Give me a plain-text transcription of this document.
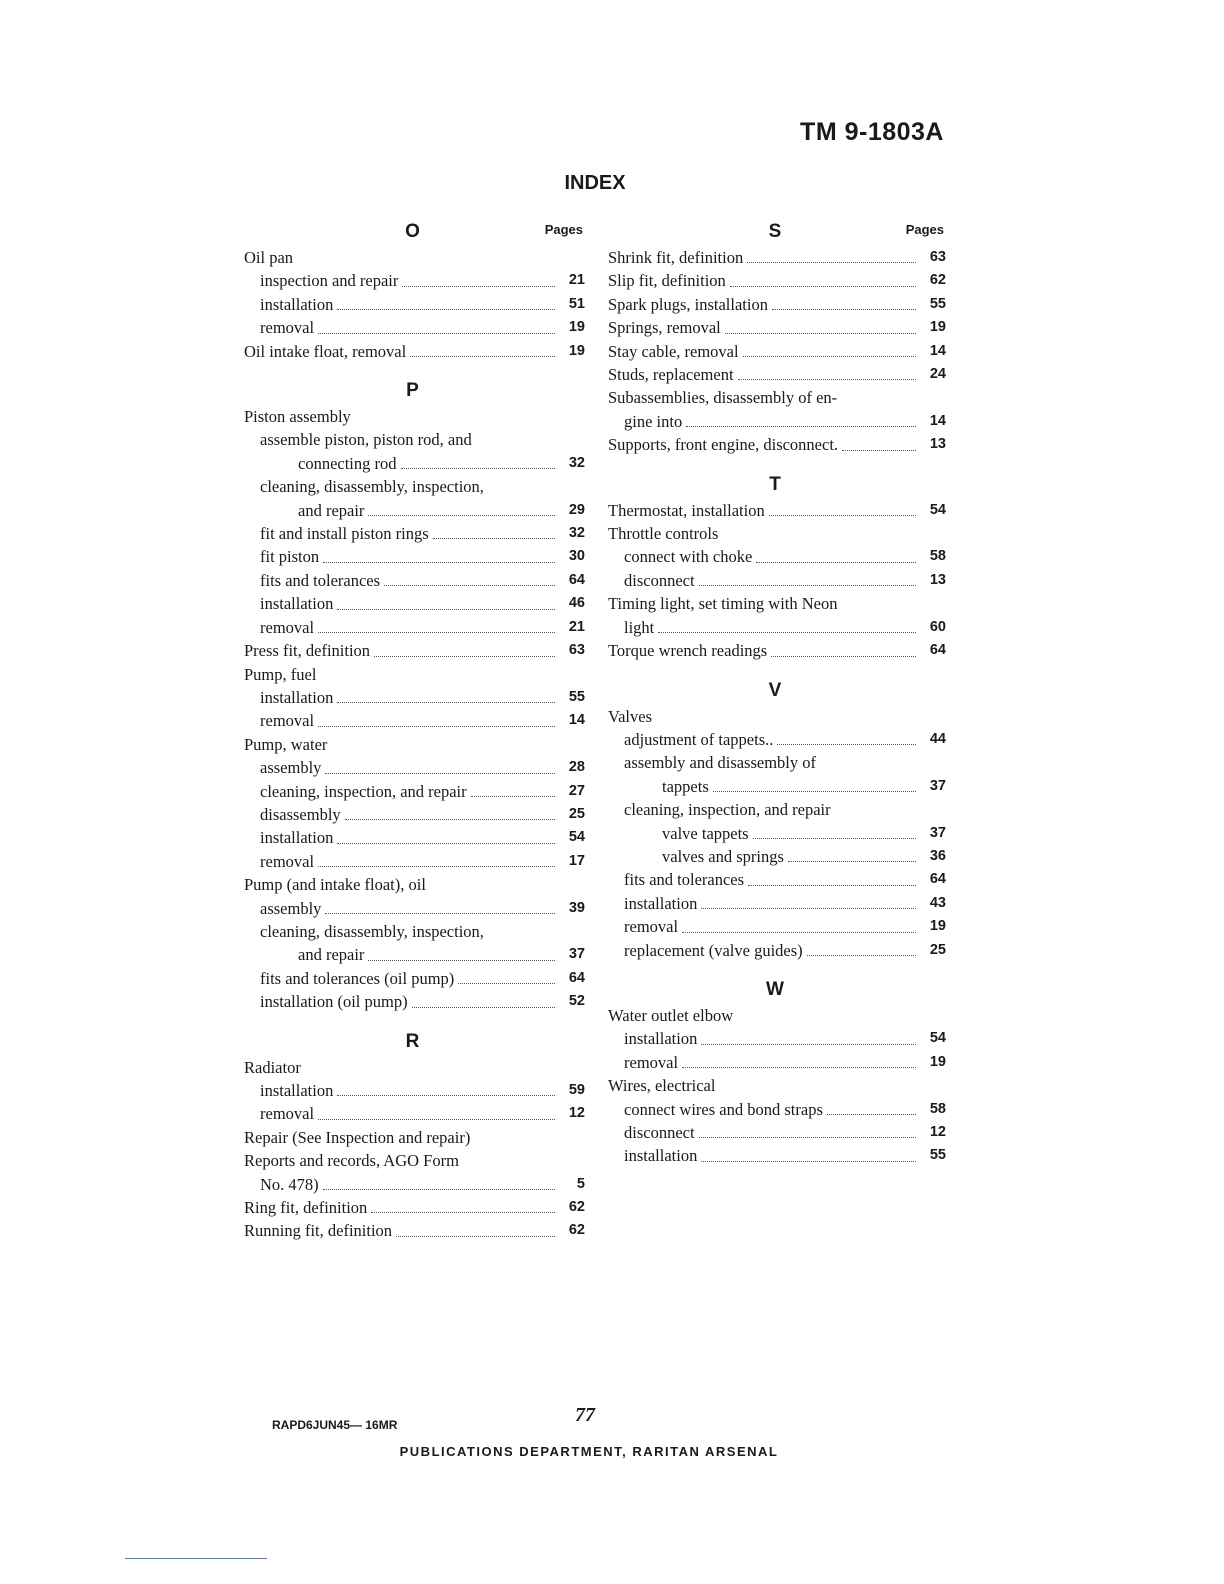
TM 9-1803A
INDEX
O	Pages
Oil pan
inspection and repair	21
installation	51
removal	19
Oil intake float, removal	19
P
Piston assembly
assemble piston, piston rod, and
connecting rod	32
cleaning, disassembly, inspection,
and repair	29
fit and install piston rings	32
fit piston	30
fits and tolerances	64
installation	46
removal	21
Press fit, definition	63
Pump, fuel
installation	55
removal	14
Pump, water
assembly	28
cleaning, inspection, and repair	27
disassembly	25
installation	54
removal	17
Pump (and intake float), oil
assembly	39
cleaning, disassembly, inspection,
and repair	37
fits and tolerances (oil pump)	64
installation (oil pump)	52
R
Radiator
installation	59
removal	12
Repair (See Inspection and repair)
Reports and records, AGO Form
No. 478)	5
Ring fit, definition	62
Running fit, definition	62
S	Pages
Shrink fit, definition	63
Slip fit, definition	62
Spark plugs, installation	55
Springs, removal	19
Stay cable, removal	14
Studs, replacement	24
Subassemblies, disassembly of en-
gine into	14
Supports, front engine, disconnect.	13
T
Thermostat, installation	54
Throttle controls
connect with choke	58
disconnect	13
Timing light, set timing with Neon
light	60
Torque wrench readings	64
V
Valves
adjustment of tappets..	44
assembly and disassembly of
tappets	37
cleaning, inspection, and repair
valve tappets	37
valves and springs	36
fits and tolerances	64
installation	43
removal	19
replacement (valve guides)	25
W
Water outlet elbow
installation	54
removal	19
Wires, electrical
connect wires and bond straps	58
disconnect	12
installation	55
77
RAPD6JUN45— 16MR
PUBLICATIONS DEPARTMENT, RARITAN ARSENAL
